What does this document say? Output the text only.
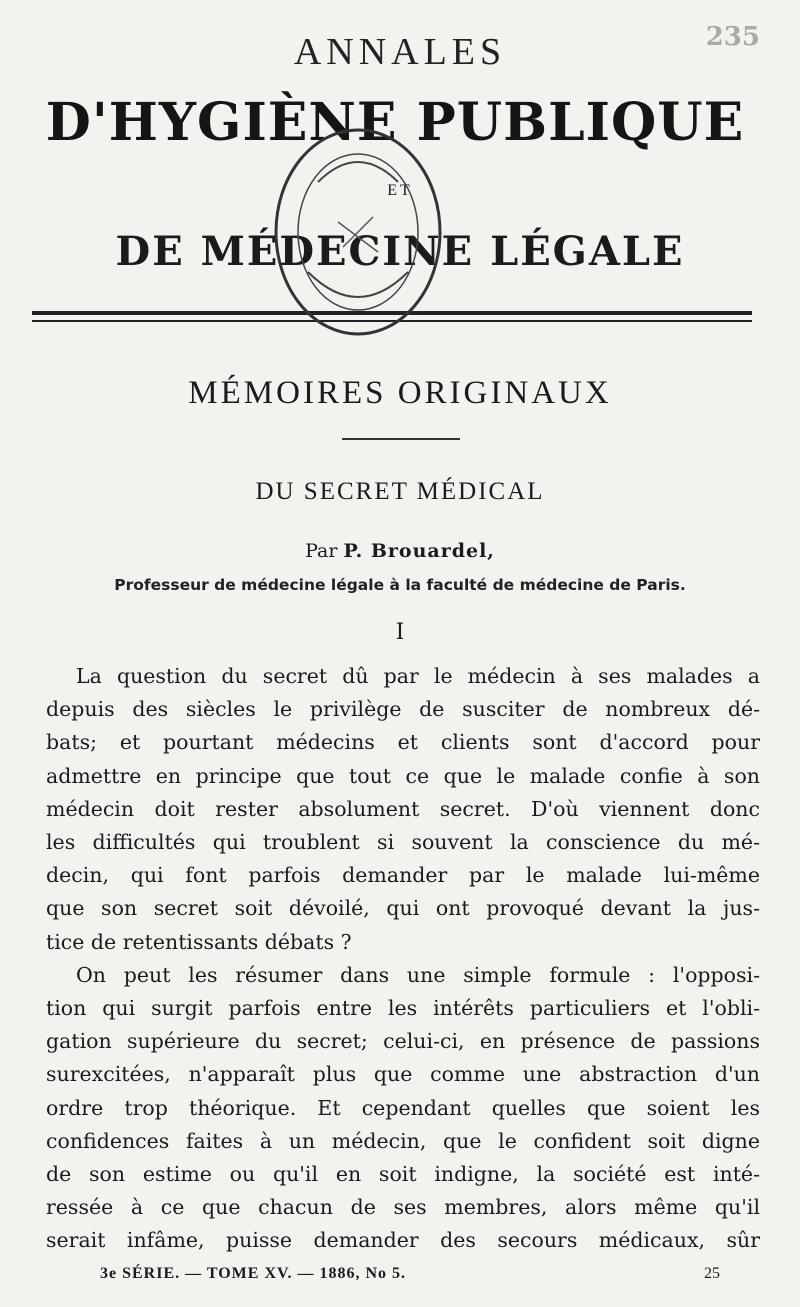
235
ANNALES
D'HYGIÈNE PUBLIQUE
ET
DE MÉDECINE LÉGALE
MÉMOIRES ORIGINAUX
DU SECRET MÉDICAL
Par P. Brouardel,
Professeur de médecine légale à la faculté de médecine de Paris.
I
La question du secret dû par le médecin à ses malades a
depuis des siècles le privilège de susciter de nombreux dé-
bats; et pourtant médecins et clients sont d'accord pour
admettre en principe que tout ce que le malade confie à son
médecin doit rester absolument secret. D'où viennent donc
les difficultés qui troublent si souvent la conscience du mé-
decin, qui font parfois demander par le malade lui-même
que son secret soit dévoilé, qui ont provoqué devant la jus-
tice de retentissants débats ?
On peut les résumer dans une simple formule : l'opposi-
tion qui surgit parfois entre les intérêts particuliers et l'obli-
gation supérieure du secret; celui-ci, en présence de passions
surexcitées, n'apparaît plus que comme une abstraction d'un
ordre trop théorique. Et cependant quelles que soient les
confidences faites à un médecin, que le confident soit digne
de son estime ou qu'il en soit indigne, la société est inté-
ressée à ce que chacun de ses membres, alors même qu'il
serait infâme, puisse demander des secours médicaux, sûr
3e SÉRIE. — TOME XV. — 1886, No 5.	25
